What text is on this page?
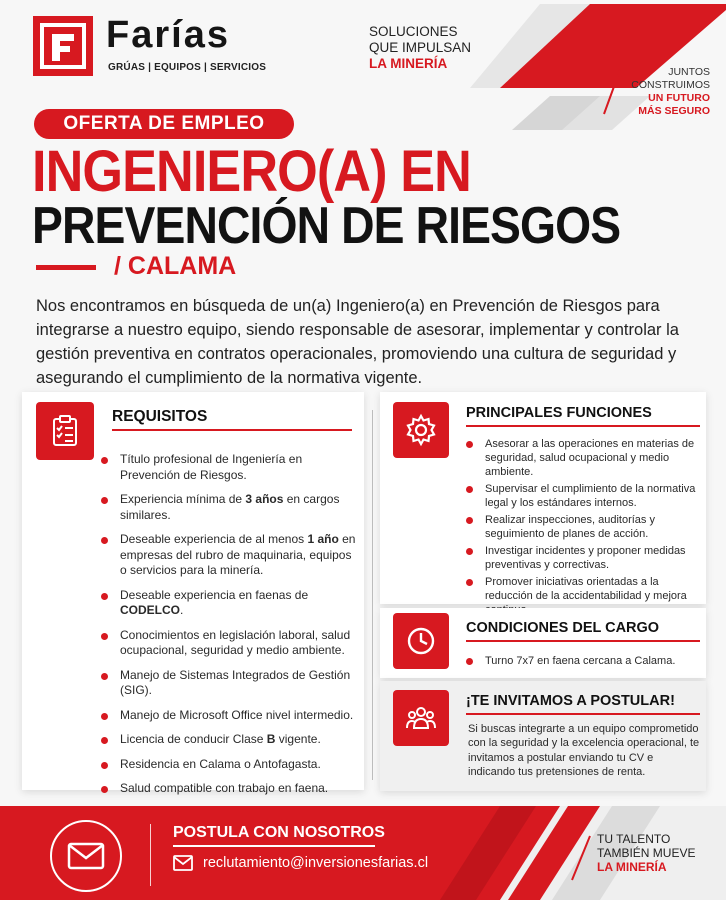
Farías
GRÚAS | EQUIPOS | SERVICIOS
SOLUCIONES
QUE IMPULSAN
LA MINERÍA
JUNTOS
CONSTRUIMOS
UN FUTURO
MÁS SEGURO
OFERTA DE EMPLEO
INGENIERO(A) EN
PREVENCIÓN DE RIESGOS
/ CALAMA

Nos encontramos en búsqueda de un(a) Ingeniero(a) en Prevención de Riesgos para integrarse a nuestro equipo, siendo responsable de asesorar, implementar y controlar la gestión preventiva en contratos operacionales, promoviendo una cultura de seguridad y asegurando el cumplimiento de la normativa vigente.

REQUISITOS
Título profesional de Ingeniería en Prevención de Riesgos.
Experiencia mínima de 3 años en cargos similares.
Deseable experiencia de al menos 1 año en empresas del rubro de maquinaria, equipos o servicios para la minería.
Deseable experiencia en faenas de CODELCO.
Conocimientos en legislación laboral, salud ocupacional, seguridad y medio ambiente.
Manejo de Sistemas Integrados de Gestión (SIG).
Manejo de Microsoft Office nivel intermedio.
Licencia de conducir Clase B vigente.
Residencia en Calama o Antofagasta.
Salud compatible con trabajo en faena.
PRINCIPALES FUNCIONES
Asesorar a las operaciones en materias de seguridad, salud ocupacional y medio ambiente.
Supervisar el cumplimiento de la normativa legal y los estándares internos.
Realizar inspecciones, auditorías y seguimiento de planes de acción.
Investigar incidentes y proponer medidas preventivas y correctivas.
Promover iniciativas orientadas a la reducción de la accidentabilidad y mejora
CONDICIONES DEL CARGO
Turno 7x7 en faena cercana a Calama.
¡TE INVITAMOS A POSTULAR!

Si buscas integrarte a un equipo comprometido con la seguridad y la excelencia operacional, te invitamos a postular enviando tu CV e indicando tus pretensiones de renta.

POSTULA CON NOSOTROS
reclutamiento@inversionesfarias.cl
TU TALENTO
TAMBIÉN MUEVE
LA MINERÍA
